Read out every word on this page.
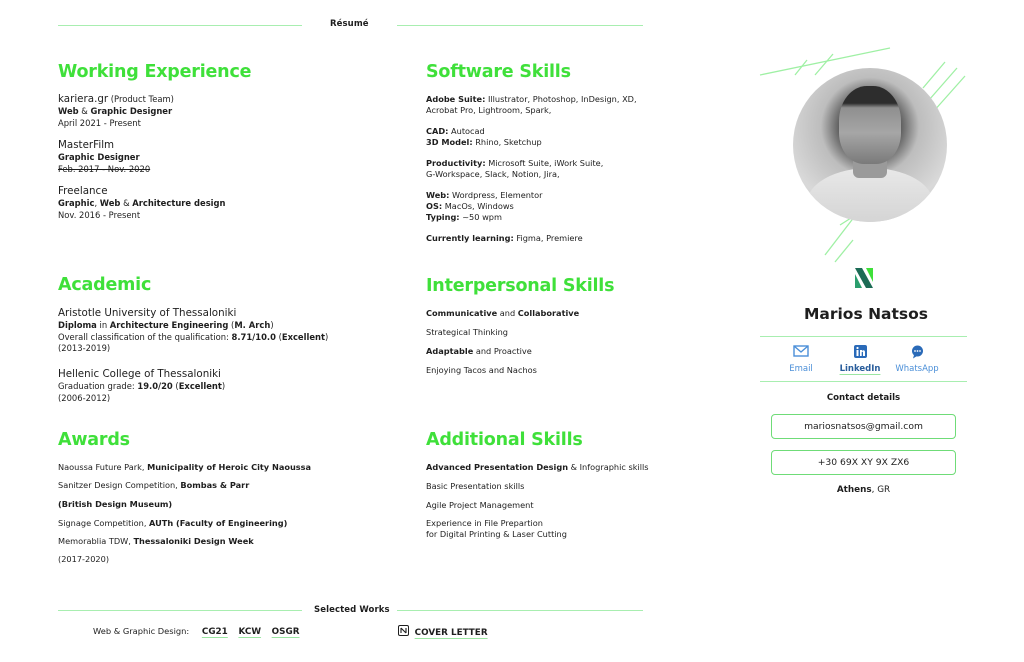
Résumé
Working Experience
kariera.gr (Product Team)
Web & Graphic Designer
April 2021 - Present
MasterFilm
Graphic Designer
Feb. 2017 - Nov. 2020
Freelance
Graphic, Web & Architecture design
Nov. 2016 - Present
Academic
Aristotle University of Thessaloniki
Diploma in Architecture Engineering (M. Arch)
Overall classification of the qualification: 8.71/10.0 (Excellent)
(2013-2019)
Hellenic College of Thessaloniki
Graduation grade: 19.0/20 (Excellent)
(2006-2012)
Awards
Naoussa Future Park, Municipality of Heroic City Naoussa
Sanitzer Design Competition, Bombas & Parr
(British Design Museum)
Signage Competition, AUTh (Faculty of Engineering)
Memorablia TDW, Thessaloniki Design Week
(2017-2020)
Software Skills
Adobe Suite: Illustrator, Photoshop, InDesign, XD,
Acrobat Pro, Lightroom, Spark,
CAD: Autocad
3D Model: Rhino, Sketchup
Productivity: Microsoft Suite, iWork Suite,
G-Workspace, Slack, Notion, Jira,
Web: Wordpress, Elementor
OS: MacOs, Windows
Typing: ~50 wpm
Currently learning: Figma, Premiere
Interpersonal Skills
Communicative and Collaborative
Strategical Thinking
Adaptable and Proactive
Enjoying Tacos and Nachos
Additional Skills
Advanced Presentation Design & Infographic skills
Basic Presentation skills
Agile Project Management
Experience in File Prepartion
for Digital Printing & Laser Cutting
Marios Natsos
Email	LinkedIn	WhatsApp
Contact details
mariosnatsos@gmail.com
+30 69X XY 9X ZX6
Athens, GR
Selected Works
Web & Graphic Design: CG21 KCW OSGR	COVER LETTER
